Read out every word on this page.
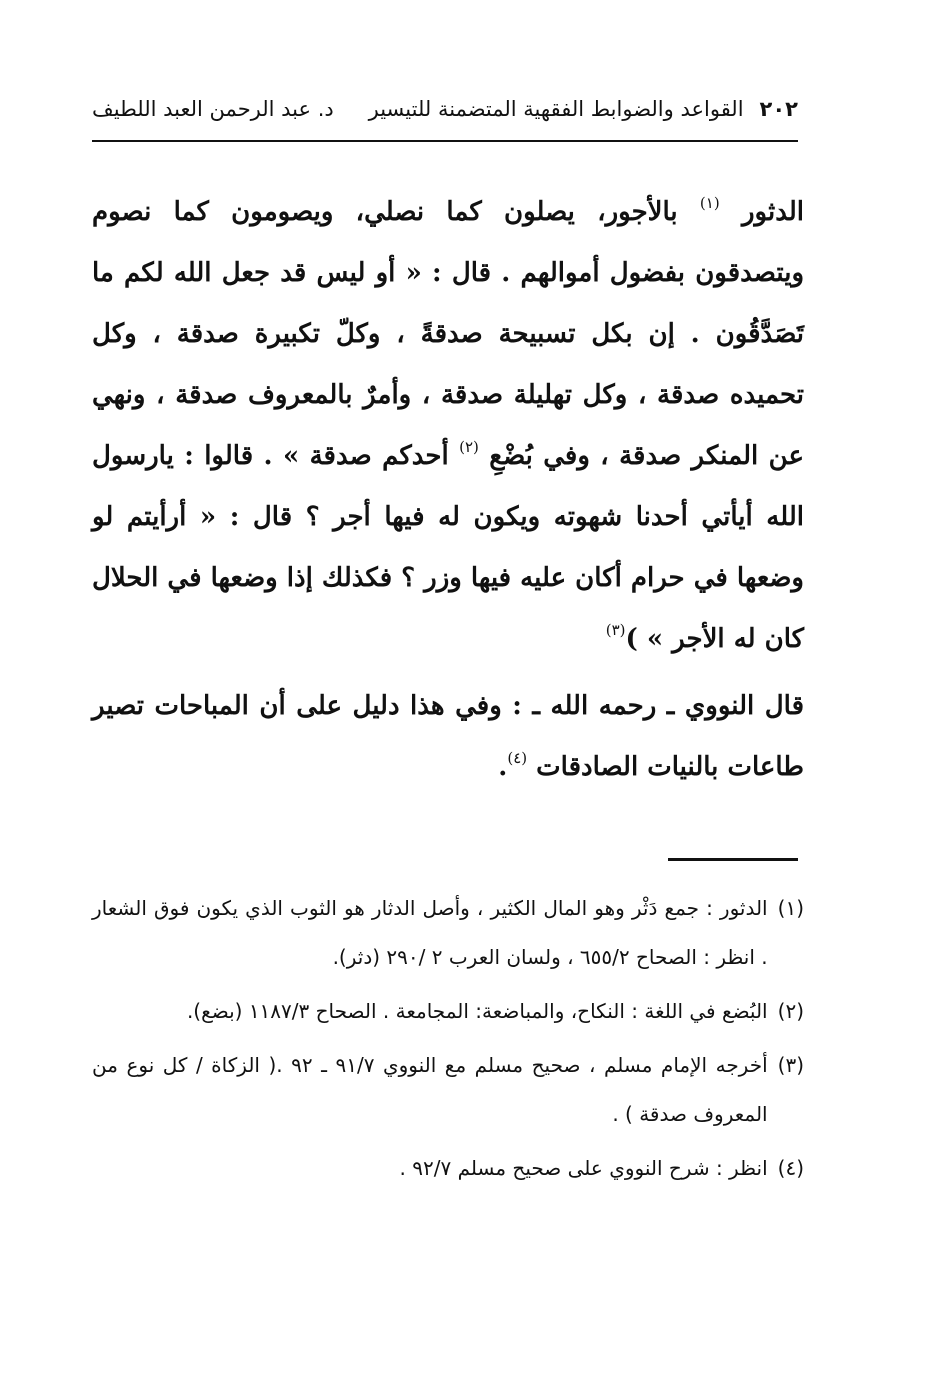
٢٠٢
القواعد والضوابط الفقهية المتضمنة للتيسير
د. عبد الرحمن العبد اللطيف

الدثور $^{(١)}$ بالأجور، يصلون كما نصلي، ويصومون كما نصوم ويتصدقون بفضول أموالهم . قال : « أو ليس قد جعل الله لكم ما تَصَدَّقُون . إن بكل تسبيحة صدقةً ، وكلّ تكبيرة صدقة ، وكل تحميده صدقة ، وكل تهليلة صدقة ، وأمرٌ بالمعروف صدقة ، ونهي عن المنكر صدقة ، وفي بُضْعِ $^{(٢)}$ أحدكم صدقة » . قالوا : يارسول الله أيأتي أحدنا شهوته ويكون له فيها أجر ؟ قال : « أرأيتم لو وضعها في حرام أكان عليه فيها وزر ؟ فكذلك إذا وضعها في الحلال كان له الأجر » )$^{(٣)}$

قال النووي ـ رحمه الله ـ : وفي هذا دليل على أن المباحات تصير طاعات بالنيات الصادقات $^{(٤)}$.

(١)
الدثور : جمع دَثْر وهو المال الكثير ، وأصل الدثار هو الثوب الذي يكون فوق الشعار . انظر : الصحاح ٦٥٥/٢ ، ولسان العرب ٢ /٢٩٠ (دثر).
(٢)
البُضع في اللغة : النكاح، والمباضعة: المجامعة . الصحاح ١١٨٧/٣ (بضع).
(٣)
أخرجه الإمام مسلم ، صحيح مسلم مع النووي ٩١/٧ ـ ٩٢ .( الزكاة / كل نوع من المعروف صدقة ) .
(٤)
انظر : شرح النووي على صحيح مسلم ٩٢/٧ .
